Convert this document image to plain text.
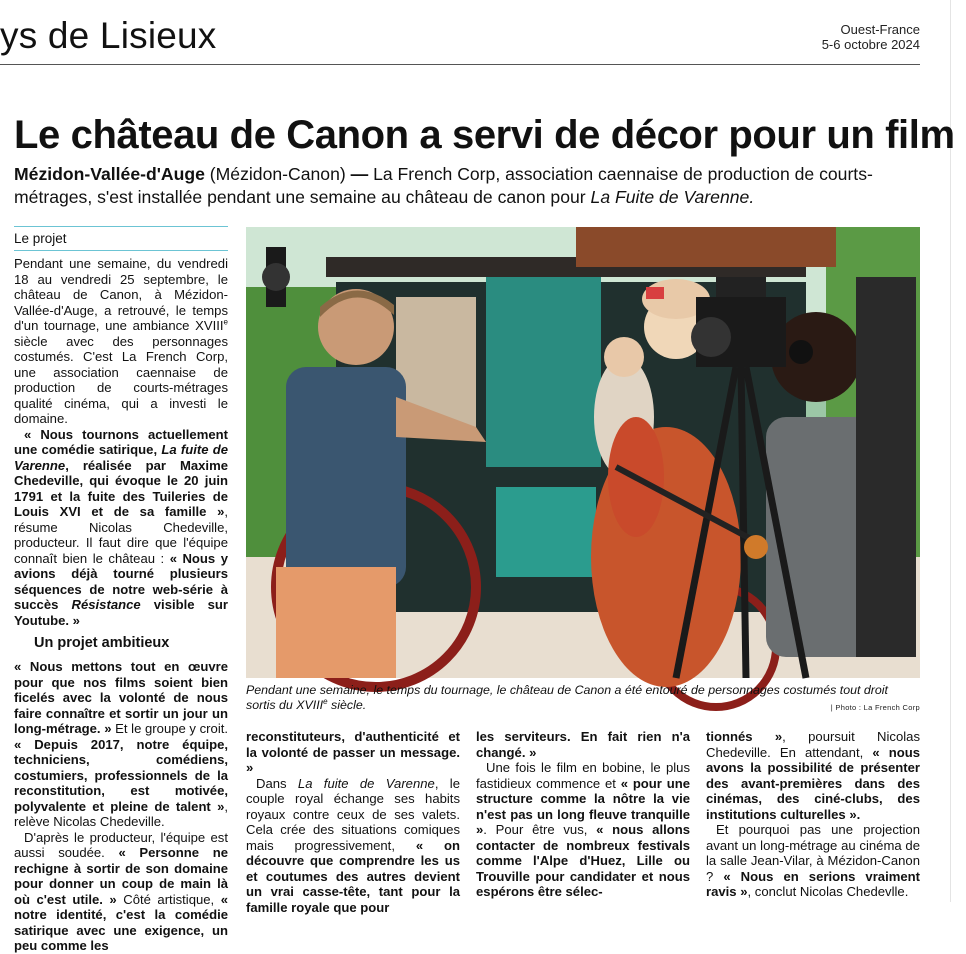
ys de Lisieux	Ouest-France
5-6 octobre 2024
Le château de Canon a servi de décor pour un film
Mézidon-Vallée-d'Auge (Mézidon-Canon) — La French Corp, association caennaise de production de courts-métrages, s'est installée pendant une semaine au château de canon pour La Fuite de Varenne.
Le projet

Pendant une semaine, du vendredi 18 au vendredi 25 septembre, le château de Canon, à Mézidon-Vallée-d'Auge, a retrouvé, le temps d'un tournage, une ambiance XVIIIe siècle avec des personnages costumés. C'est La French Corp, une association caennaise de production de courts-métrages qualité cinéma, qui a investi le domaine.

« Nous tournons actuellement une comédie satirique, La fuite de Varenne, réalisée par Maxime Chedeville, qui évoque le 20 juin 1791 et la fuite des Tuileries de Louis XVI et de sa famille », résume Nicolas Chedeville, producteur. Il faut dire que l'équipe connaît bien le château : « Nous y avions déjà tourné plusieurs séquences de notre web-série à succès Résistance visible sur Youtube. »

Un projet ambitieux

« Nous mettons tout en œuvre pour que nos films soient bien ficelés avec la volonté de nous faire connaître et sortir un jour un long-métrage. » Et le groupe y croit. « Depuis 2017, notre équipe, techniciens, comédiens, costumiers, professionnels de la reconstitution, est motivée, polyvalente et pleine de talent », relève Nicolas Chedeville.

D'après le producteur, l'équipe est aussi soudée. « Personne ne rechigne à sortir de son domaine pour donner un coup de main là où c'est utile. » Côté artistique, « notre identité, c'est la comédie satirique avec une exigence, un peu comme les

Pendant une semaine, le temps du tournage, le château de Canon a été entouré de personnages costumés tout droit sortis du XVIIIe siècle.	| Photo : La French Corp

reconstituteurs, d'authenticité et la volonté de passer un message. »

Dans La fuite de Varenne, le couple royal échange ses habits royaux contre ceux de ses valets. Cela crée des situations comiques mais progressivement, « on découvre que comprendre les us et coutumes des autres devient un vrai casse-tête, tant pour la famille royale que pour

les serviteurs. En fait rien n'a changé. »

Une fois le film en bobine, le plus fastidieux commence et « pour une structure comme la nôtre la vie n'est pas un long fleuve tranquille ». Pour être vus, « nous allons contacter de nombreux festivals comme l'Alpe d'Huez, Lille ou Trouville pour candidater et nous espérons être sélec-

tionnés », poursuit Nicolas Chedeville. En attendant, « nous avons la possibilité de présenter des avant-premières dans des cinémas, des ciné-clubs, des institutions culturelles ».

Et pourquoi pas une projection avant un long-métrage au cinéma de la salle Jean-Vilar, à Mézidon-Canon ? « Nous en serions vraiment ravis », conclut Nicolas Chedevlle.
